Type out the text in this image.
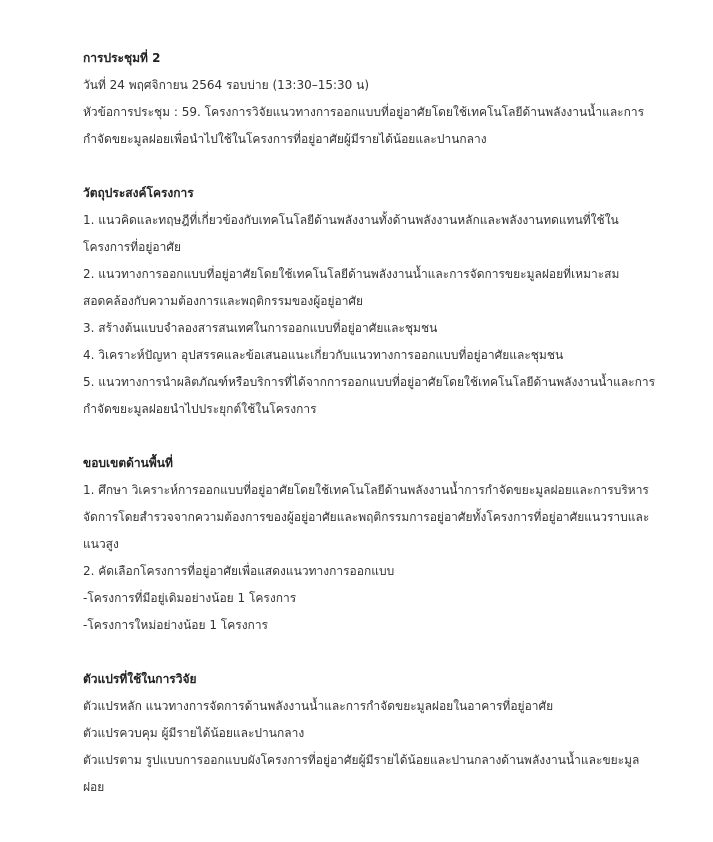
การประชุมที่ 2
วันที่ 24 พฤศจิกายน 2564 รอบบ่าย (13:30–15:30 น)
หัวข้อการประชุม : 59. โครงการวิจัยแนวทางการออกแบบที่อยู่อาศัยโดยใช้เทคโนโลยีด้านพลังงานน้ำและการ
กำจัดขยะมูลฝอยเพื่อนำไปใช้ในโครงการที่อยู่อาศัยผู้มีรายได้น้อยและปานกลาง
วัตถุประสงค์โครงการ
1. แนวคิดและทฤษฎีที่เกี่ยวข้องกับเทคโนโลยีด้านพลังงานทั้งด้านพลังงานหลักและพลังงานทดแทนที่ใช้ใน
โครงการที่อยู่อาศัย
2. แนวทางการออกแบบที่อยู่อาศัยโดยใช้เทคโนโลยีด้านพลังงานน้ำและการจัดการขยะมูลฝอยที่เหมาะสม
สอดคล้องกับความต้องการและพฤติกรรมของผู้อยู่อาศัย
3. สร้างต้นแบบจำลองสารสนเทศในการออกแบบที่อยู่อาศัยและชุมชน
4. วิเคราะห์ปัญหา อุปสรรคและข้อเสนอแนะเกี่ยวกับแนวทางการออกแบบที่อยู่อาศัยและชุมชน
5. แนวทางการนำผลิตภัณฑ์หรือบริการที่ได้จากการออกแบบที่อยู่อาศัยโดยใช้เทคโนโลยีด้านพลังงานน้ำและการ
กำจัดขยะมูลฝอยนำไปประยุกต์ใช้ในโครงการ
ขอบเขตด้านพื้นที่
1. ศึกษา วิเคราะห์การออกแบบที่อยู่อาศัยโดยใช้เทคโนโลยีด้านพลังงานน้ำการกำจัดขยะมูลฝอยและการบริหาร
จัดการโดยสำรวจจากความต้องการของผู้อยู่อาศัยและพฤติกรรมการอยู่อาศัยทั้งโครงการที่อยู่อาศัยแนวราบและ
แนวสูง
2. คัดเลือกโครงการที่อยู่อาศัยเพื่อแสดงแนวทางการออกแบบ
-โครงการที่มีอยู่เดิมอย่างน้อย 1 โครงการ
-โครงการใหม่อย่างน้อย 1 โครงการ
ตัวแปรที่ใช้ในการวิจัย
ตัวแปรหลัก แนวทางการจัดการด้านพลังงานน้ำและการกำจัดขยะมูลฝอยในอาคารที่อยู่อาศัย
ตัวแปรควบคุม ผู้มีรายได้น้อยและปานกลาง
ตัวแปรตาม รูปแบบการออกแบบผังโครงการที่อยู่อาศัยผู้มีรายได้น้อยและปานกลางด้านพลังงานน้ำและขยะมูล
ฝอย
